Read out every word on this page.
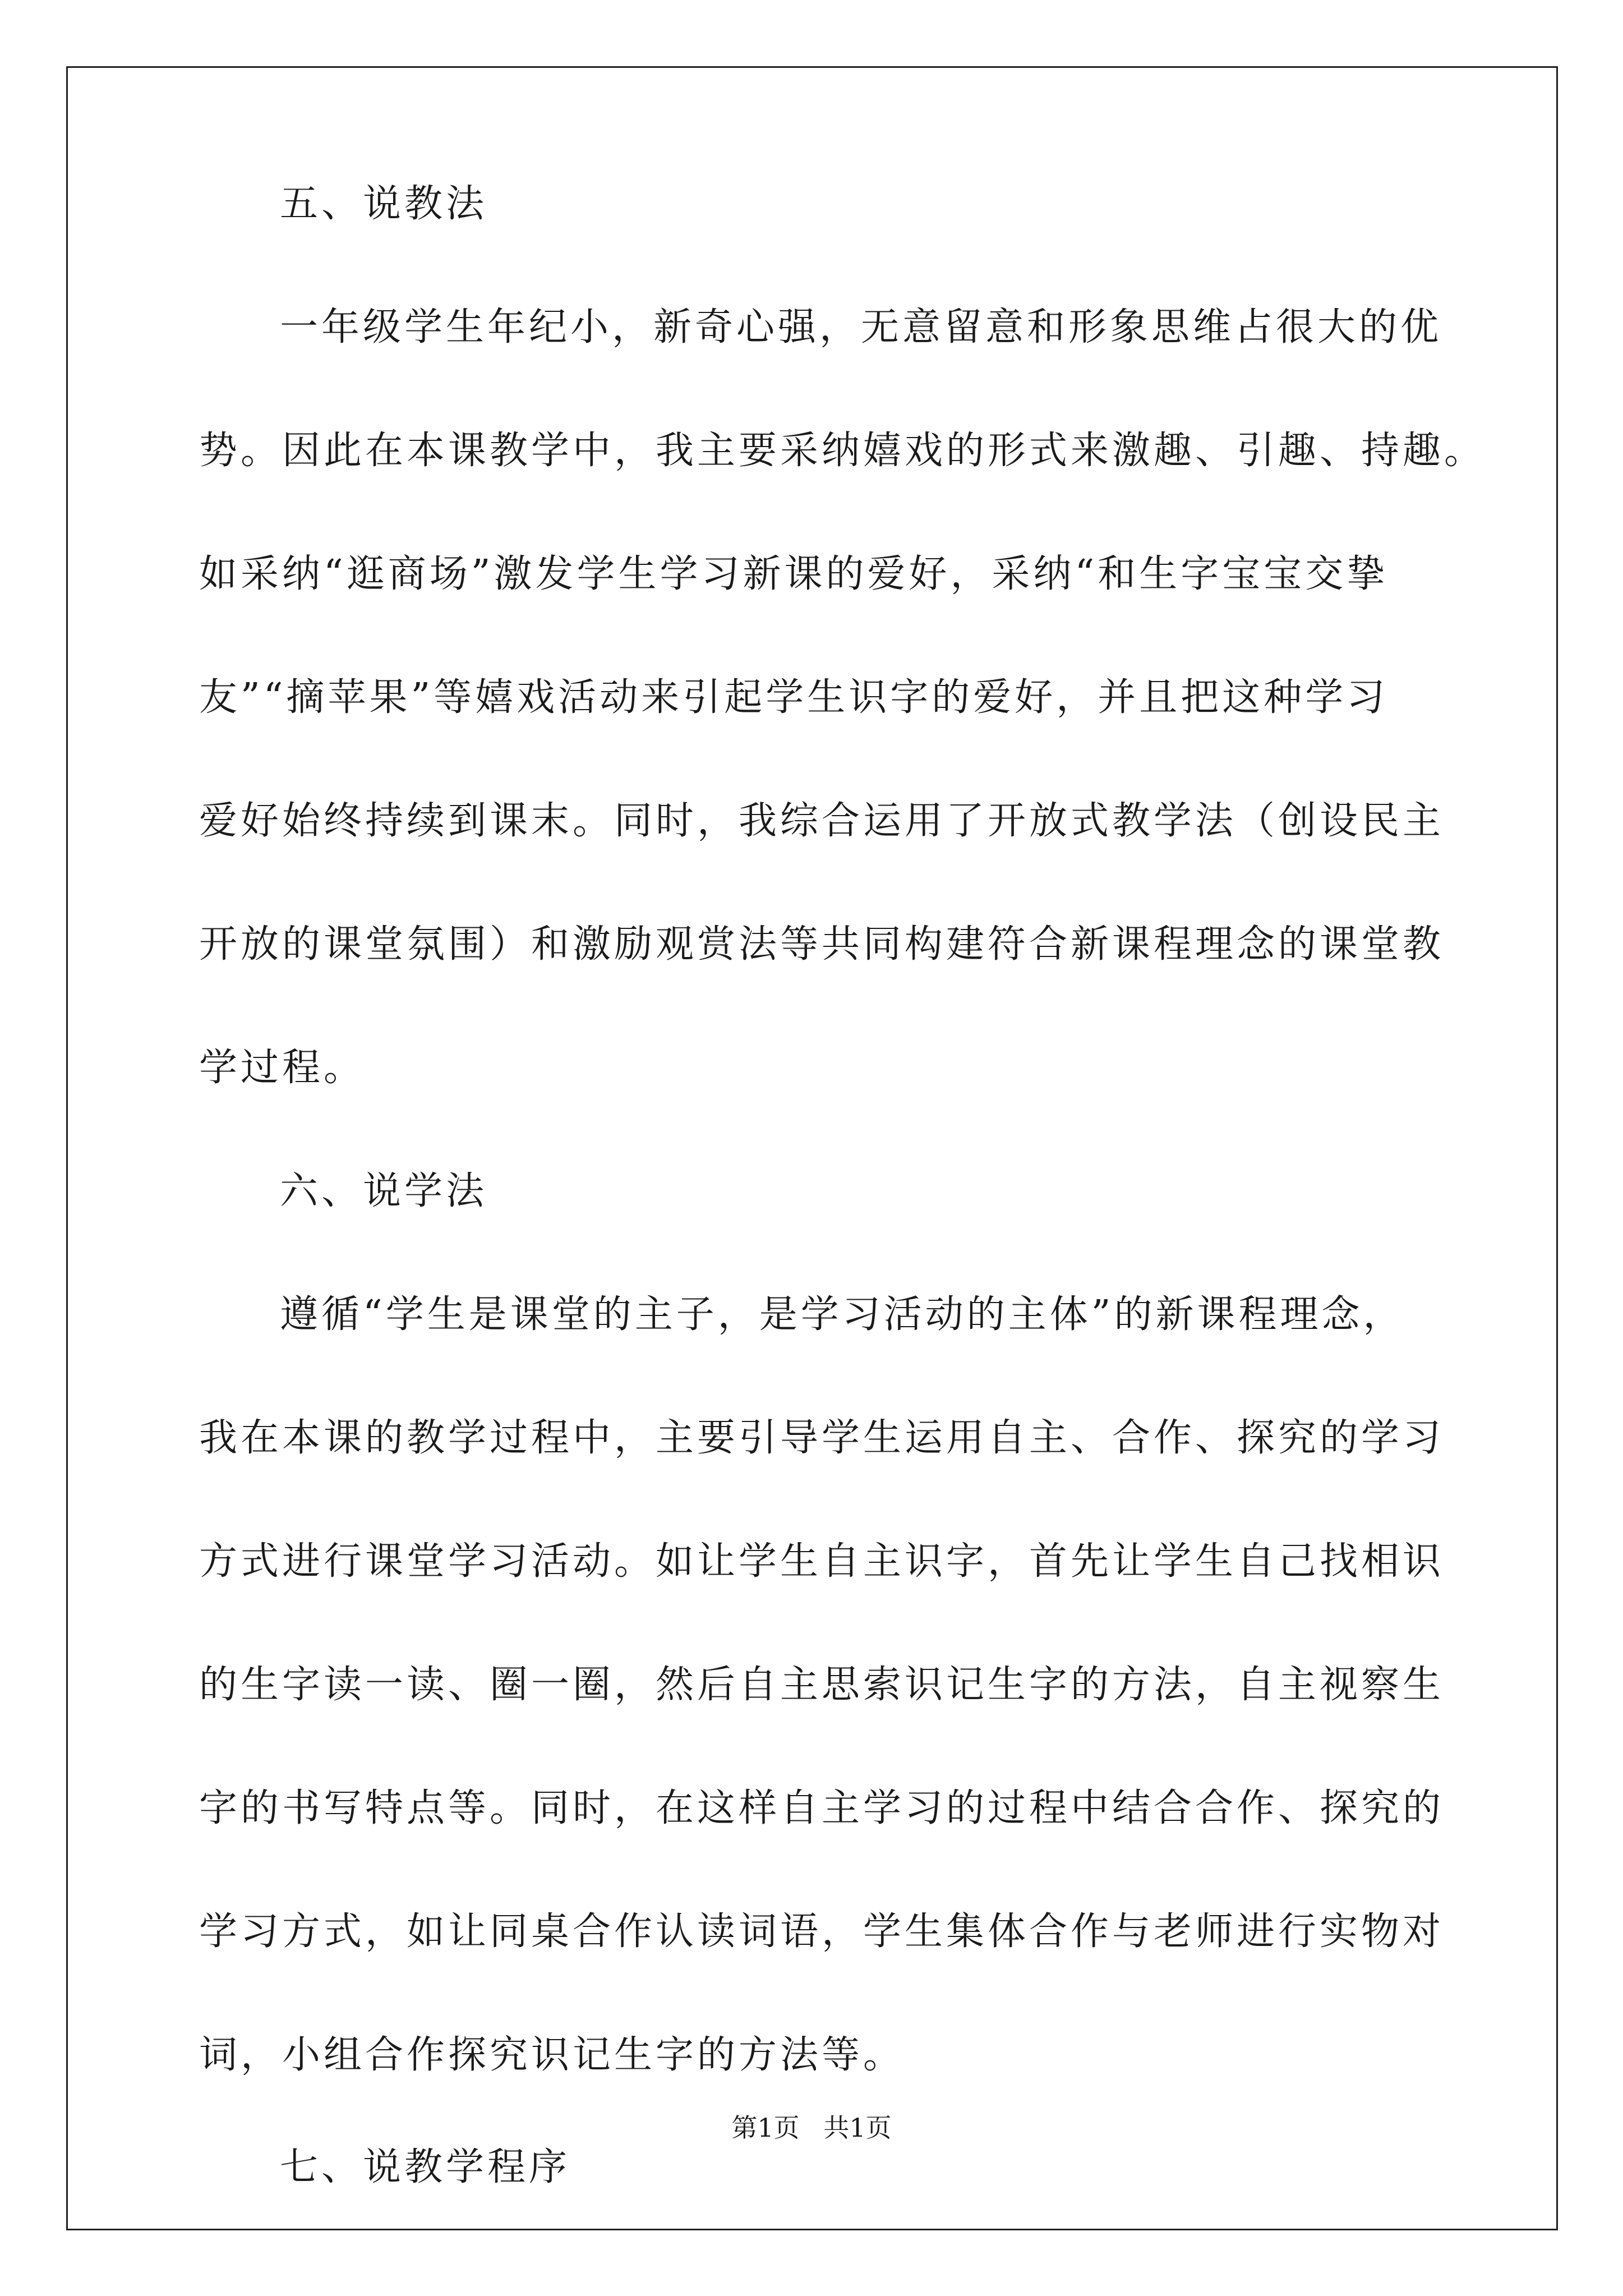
五、说教法
一年级学生年纪小，新奇心强，无意留意和形象思维占很大的优
势。因此在本课教学中，我主要采纳嬉戏的形式来激趣、引趣、持趣。
如采纳“逛商场”激发学生学习新课的爱好，采纳“和生字宝宝交挚
友”“摘苹果”等嬉戏活动来引起学生识字的爱好，并且把这种学习
爱好始终持续到课末。同时，我综合运用了开放式教学法（创设民主
开放的课堂氛围）和激励观赏法等共同构建符合新课程理念的课堂教
学过程。
六、说学法
遵循“学生是课堂的主子，是学习活动的主体”的新课程理念，
我在本课的教学过程中，主要引导学生运用自主、合作、探究的学习
方式进行课堂学习活动。如让学生自主识字，首先让学生自己找相识
的生字读一读、圈一圈，然后自主思索识记生字的方法，自主视察生
字的书写特点等。同时，在这样自主学习的过程中结合合作、探究的
学习方式，如让同桌合作认读词语，学生集体合作与老师进行实物对
词，小组合作探究识记生字的方法等。
七、说教学程序
第1页 共1页
